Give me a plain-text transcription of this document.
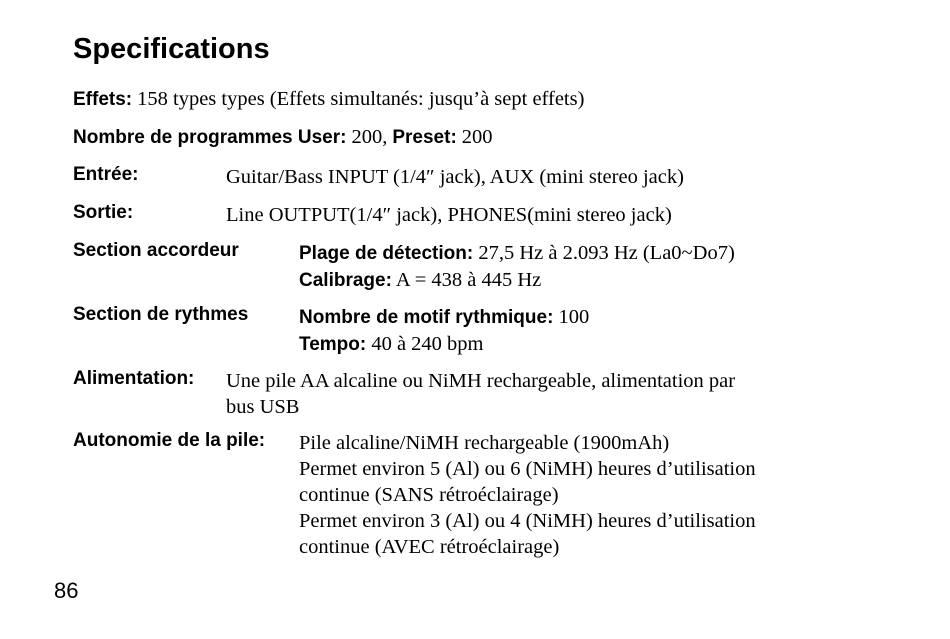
Specifications
Effets: 158 types types (Effets simultanés: jusqu’à sept effets)
Nombre de programmes User: 200, Preset: 200
Entrée:	Guitar/Bass INPUT (1/4″ jack), AUX (mini stereo jack)
Sortie:	Line OUTPUT(1/4″ jack), PHONES(mini stereo jack)
Section accordeur	Plage de détection: 27,5 Hz à 2.093 Hz (La0~Do7)
Calibrage: A = 438 à 445 Hz
Section de rythmes	Nombre de motif rythmique: 100
Tempo: 40 à 240 bpm
Alimentation: Une pile AA alcaline ou NiMH rechargeable, alimentation par
bus USB
Autonomie de la pile: Pile alcaline/NiMH rechargeable (1900mAh)
Permet environ 5 (Al) ou 6 (NiMH) heures d’utilisation
continue (SANS rétroéclairage)
Permet environ 3 (Al) ou 4 (NiMH) heures d’utilisation
continue (AVEC rétroéclairage)
86
